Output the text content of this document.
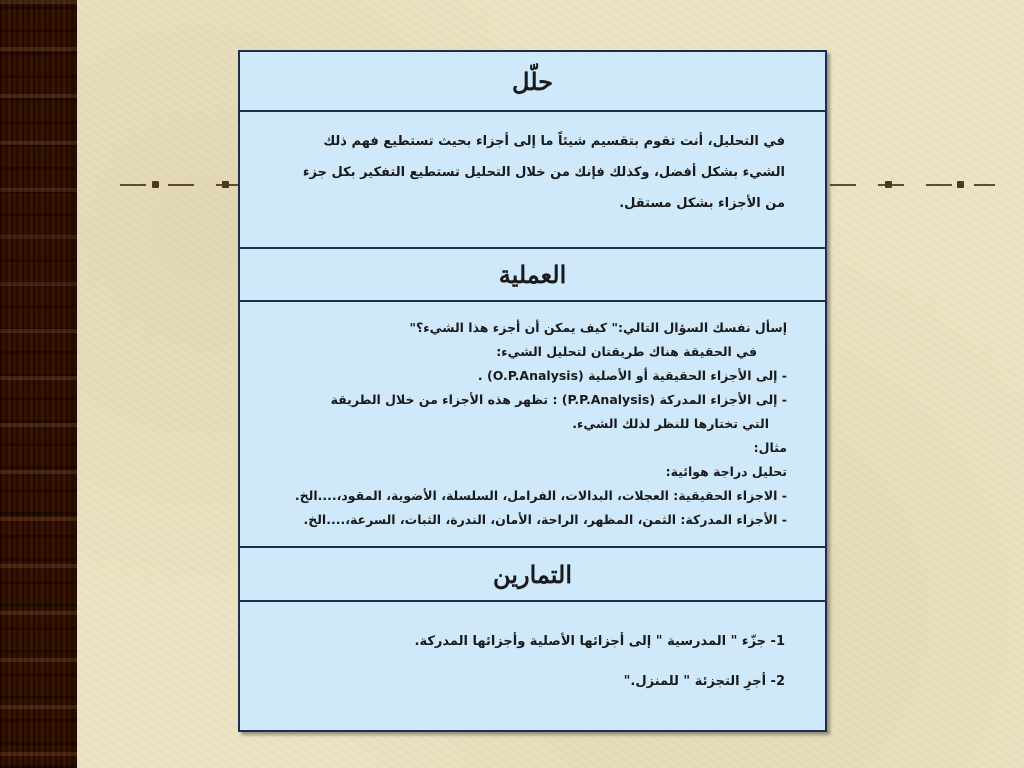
حلّل
في التحليل، أنت تقوم بتقسيم شيئاً ما إلى أجزاء بحيث تستطيع فهم ذلك الشيء بشكل أفضل، وكذلك فإنك من خلال التحليل تستطيع التفكير بكل جزء من الأجزاء بشكل مستقل.
العملية
إسأل نفسك السؤال التالي:" كيف يمكن أن أجزء هذا الشيء؟"
في الحقيقة هناك طريقتان لتحليل الشيء:
- إلى الأجزاء الحقيقية أو الأصلية (O.P.Analysis) .
- إلى الأجزاء المدركة (P.P.Analysis) : تظهر هذه الأجزاء من خلال الطريقة
التي تختارها للنظر لذلك الشيء.
مثال:
تحليل دراجة هوائية:
- الاجزاء الحقيقية: العجلات، البدالات، الفرامل، السلسلة، الأضوية، المقود،....الخ.
- الأجزاء المدركة: الثمن، المظهر، الراحة، الأمان، الندرة، الثبات، السرعة،....الخ.
التمارين
1- جزّء " المدرسية " إلى أجزائها الأصلية وأجزائها المدركة.
2- أجرِ التجزئة " للمنزل."
